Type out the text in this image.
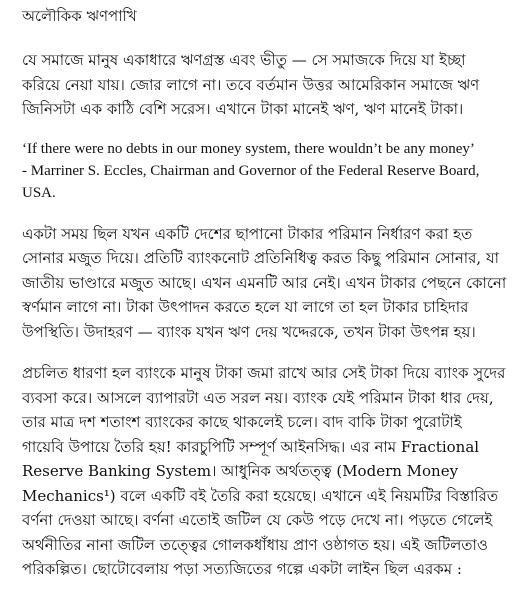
অলৌকিক ঋণপাখি

যে সমাজে মানুষ একাধারে ঋণগ্রস্ত এবং ভীতু — সে সমাজকে দিয়ে যা ইচ্ছা
করিয়ে নেয়া যায়। জোর লাগে না। তবে বর্তমান উত্তর আমেরিকান সমাজে ঋণ
জিনিসটা এক কাঠি বেশি সরেস। এখানে টাকা মানেই ঋণ, ঋণ মানেই টাকা।

‘If there were no debts in our money system, there wouldn’t be any money’
- Marriner S. Eccles, Chairman and Governor of the Federal Reserve Board,
USA.

একটা সময় ছিল যখন একটি দেশের ছাপানো টাকার পরিমান নির্ধারণ করা হত
সোনার মজুত দিয়ে। প্রতিটি ব্যাংকনোট প্রতিনিধিত্ব করত কিছু পরিমান সোনার, যা
জাতীয় ভাণ্ডারে মজুত আছে। এখন এমনটি আর নেই। এখন টাকার পেছনে কোনো
স্বর্ণমান লাগে না। টাকা উৎপাদন করতে হলে যা লাগে তা হল টাকার চাহিদার
উপস্থিতি। উদাহরণ — ব্যাংক যখন ঋণ দেয় খদ্দেরকে, তখন টাকা উৎপন্ন হয়।

প্রচলিত ধারণা হল ব্যাংকে মানুষ টাকা জমা রাখে আর সেই টাকা দিয়ে ব্যাংক সুদের
ব্যবসা করে। আসলে ব্যাপারটা এত সরল নয়। ব্যাংক যেই পরিমান টাকা ধার দেয়,
তার মাত্র দশ শতাংশ ব্যাংকের কাছে থাকলেই চলে। বাদ বাকি টাকা পুরোটাই
গায়েবি উপায়ে তৈরি হয়! কারচুপিটি সম্পূর্ণ আইনসিদ্ধ। এর নাম Fractional
Reserve Banking System। আধুনিক অর্থতত্ত্ব (Modern Money
Mechanics¹) বলে একটি বই তৈরি করা হয়েছে। এখানে এই নিয়মটির বিস্তারিত
বর্ণনা দেওয়া আছে। বর্ণনা এতোই জটিল যে কেউ পড়ে দেখে না। পড়তে গেলেই
অর্থনীতির নানা জটিল তত্ত্বের গোলকধাঁধায় প্রাণ ওষ্ঠাগত হয়। এই জটিলতাও
পরিকল্পিত। ছোটোবেলায় পড়া সত্যজিতের গল্পে একটা লাইন ছিল এরকম :
